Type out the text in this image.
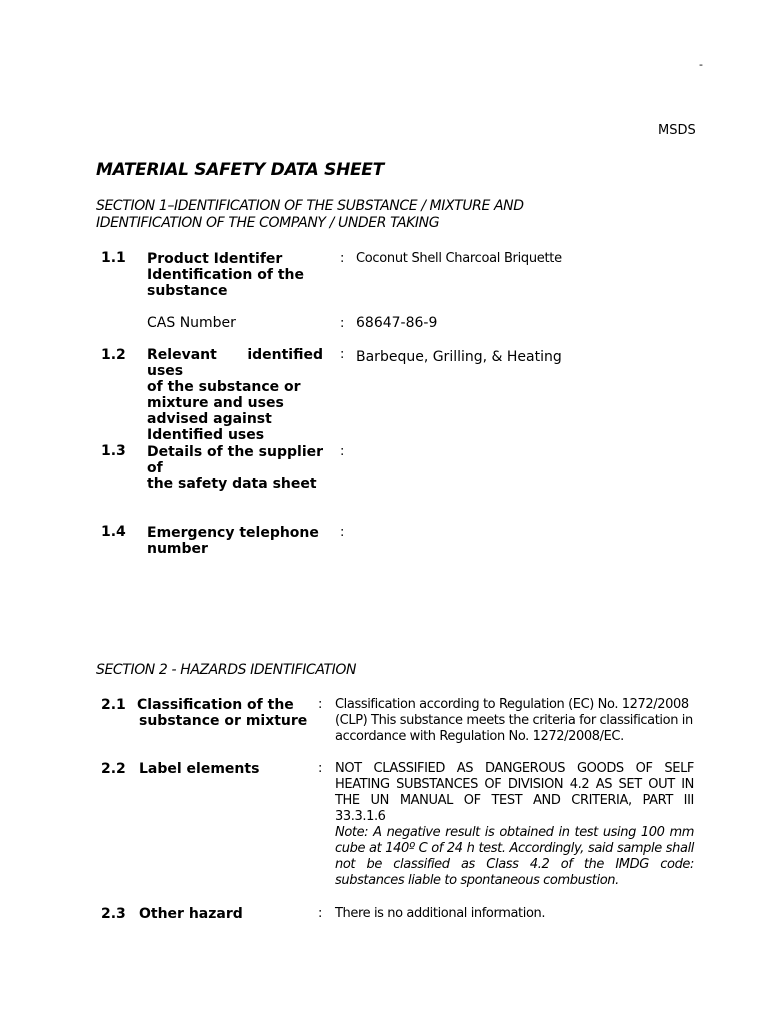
-
MSDS
MATERIAL SAFETY DATA SHEET
SECTION 1–IDENTIFICATION OF THE SUBSTANCE / MIXTURE AND
IDENTIFICATION OF THE COMPANY / UNDER TAKING
1.1 Product Identifer
Identification of the
substance
: Coconut Shell Charcoal Briquette
CAS Number	: 68647-86-9
1.2 Relevant identified uses
of the substance or
mixture and uses
advised against
Identified uses
: Barbeque, Grilling, & Heating
1.3 Details of the supplier of
the safety data sheet
:
1.4 Emergency telephone
number
:
SECTION 2 - HAZARDS IDENTIFICATION
2.1 Classification of the
substance or mixture
: Classification according to Regulation (EC) No. 1272/2008
(CLP) This substance meets the criteria for classification in
accordance with Regulation No. 1272/2008/EC.
2.2 Label elements	: NOT CLASSIFIED AS DANGEROUS GOODS OF SELF
HEATING SUBSTANCES OF DIVISION 4.2 AS SET OUT IN
THE UN MANUAL OF TEST AND CRITERIA, PART III
33.3.1.6
Note: A negative result is obtained in test using 100 mm
cube at 140º C of 24 h test. Accordingly, said sample shall
not be classified as Class 4.2 of the IMDG code:
substances liable to spontaneous combustion.
2.3 Other hazard	: There is no additional information.
